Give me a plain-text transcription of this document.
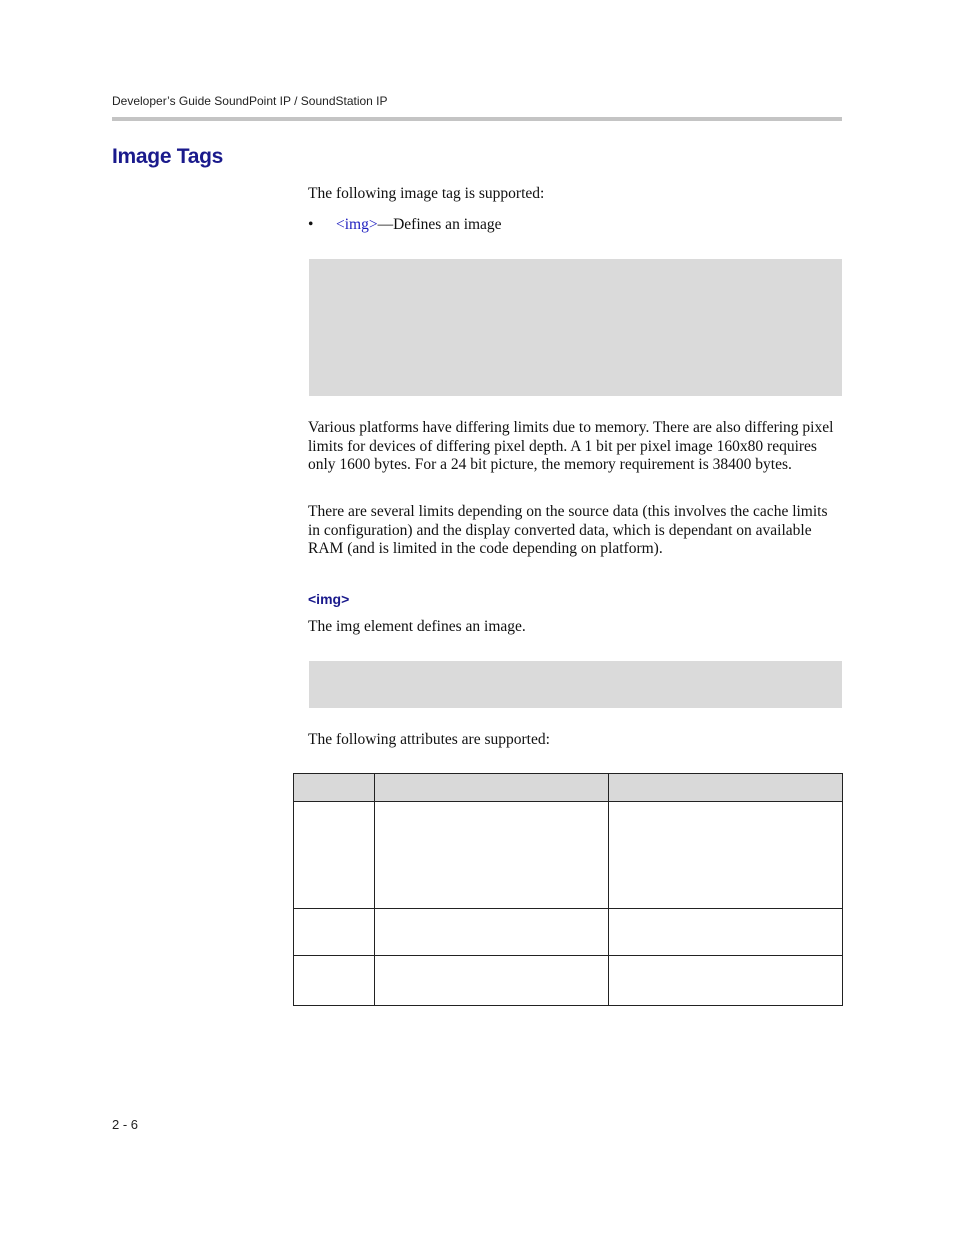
Developer’s Guide SoundPoint IP / SoundStation IP
Image Tags

The following image tag is supported:

• <img>—Defines an image

Various platforms have differing limits due to memory. There are also differing pixel limits for devices of differing pixel depth. A 1 bit per pixel image 160x80 requires only 1600 bytes. For a 24 bit picture, the memory requirement is 38400 bytes.

There are several limits depending on the source data (this involves the cache limits in configuration) and the display converted data, which is dependant on available RAM (and is limited in the code depending on platform).

<img>

The img element defines an image.

The following attributes are supported:

2 - 6
